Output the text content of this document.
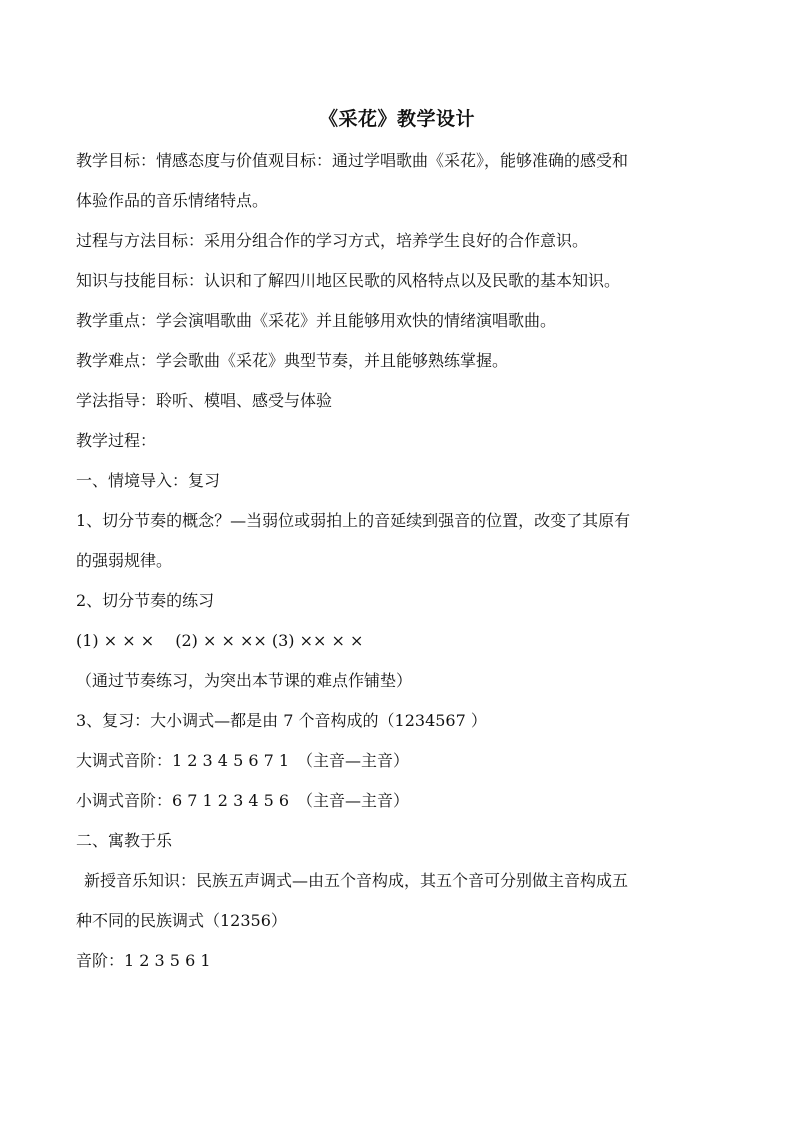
《采花》教学设计

教学目标：情感态度与价值观目标：通过学唱歌曲《采花》，能够准确的感受和

体验作品的音乐情绪特点。

过程与方法目标：采用分组合作的学习方式，培养学生良好的合作意识。

知识与技能目标：认识和了解四川地区民歌的风格特点以及民歌的基本知识。

教学重点：学会演唱歌曲《采花》并且能够用欢快的情绪演唱歌曲。

教学难点：学会歌曲《采花》典型节奏，并且能够熟练掌握。

学法指导：聆听、模唱、感受与体验

教学过程：

一、情境导入：复习

1、切分节奏的概念？—当弱位或弱拍上的音延续到强音的位置，改变了其原有

的强弱规律。

2、切分节奏的练习

(1) × × ×　 (2) × × ×× (3) ×× × ×

（通过节奏练习，为突出本节课的难点作铺垫）

3、复习：大小调式—都是由 7 个音构成的（1234567 ）

大调式音阶：1 2 3 4 5 6 7 1　（主音—主音）

小调式音阶：6 7 1 2 3 4 5 6　（主音—主音）

二、寓教于乐

新授音乐知识：民族五声调式—由五个音构成，其五个音可分别做主音构成五

种不同的民族调式（12356）

音阶：1 2 3 5 6 1
